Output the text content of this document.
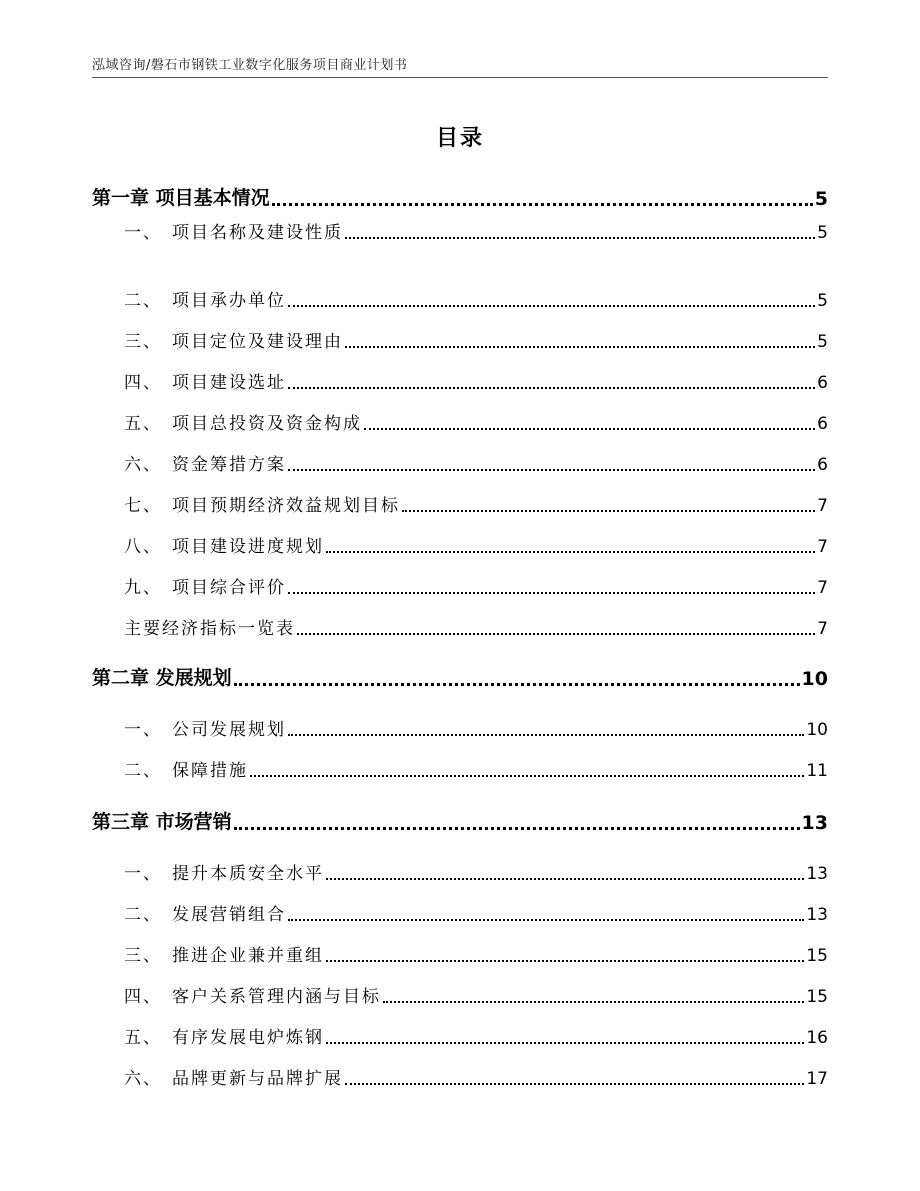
泓域咨询/磐石市钢铁工业数字化服务项目商业计划书
目录
第一章 项目基本情况	5
一、 项目名称及建设性质	5
二、 项目承办单位	5
三、 项目定位及建设理由	5
四、 项目建设选址	6
五、 项目总投资及资金构成	6
六、 资金筹措方案	6
七、 项目预期经济效益规划目标	7
八、 项目建设进度规划	7
九、 项目综合评价	7
主要经济指标一览表	7
第二章 发展规划	10
一、 公司发展规划	10
二、 保障措施	11
第三章 市场营销	13
一、 提升本质安全水平	13
二、 发展营销组合	13
三、 推进企业兼并重组	15
四、 客户关系管理内涵与目标	15
五、 有序发展电炉炼钢	16
六、 品牌更新与品牌扩展	17
